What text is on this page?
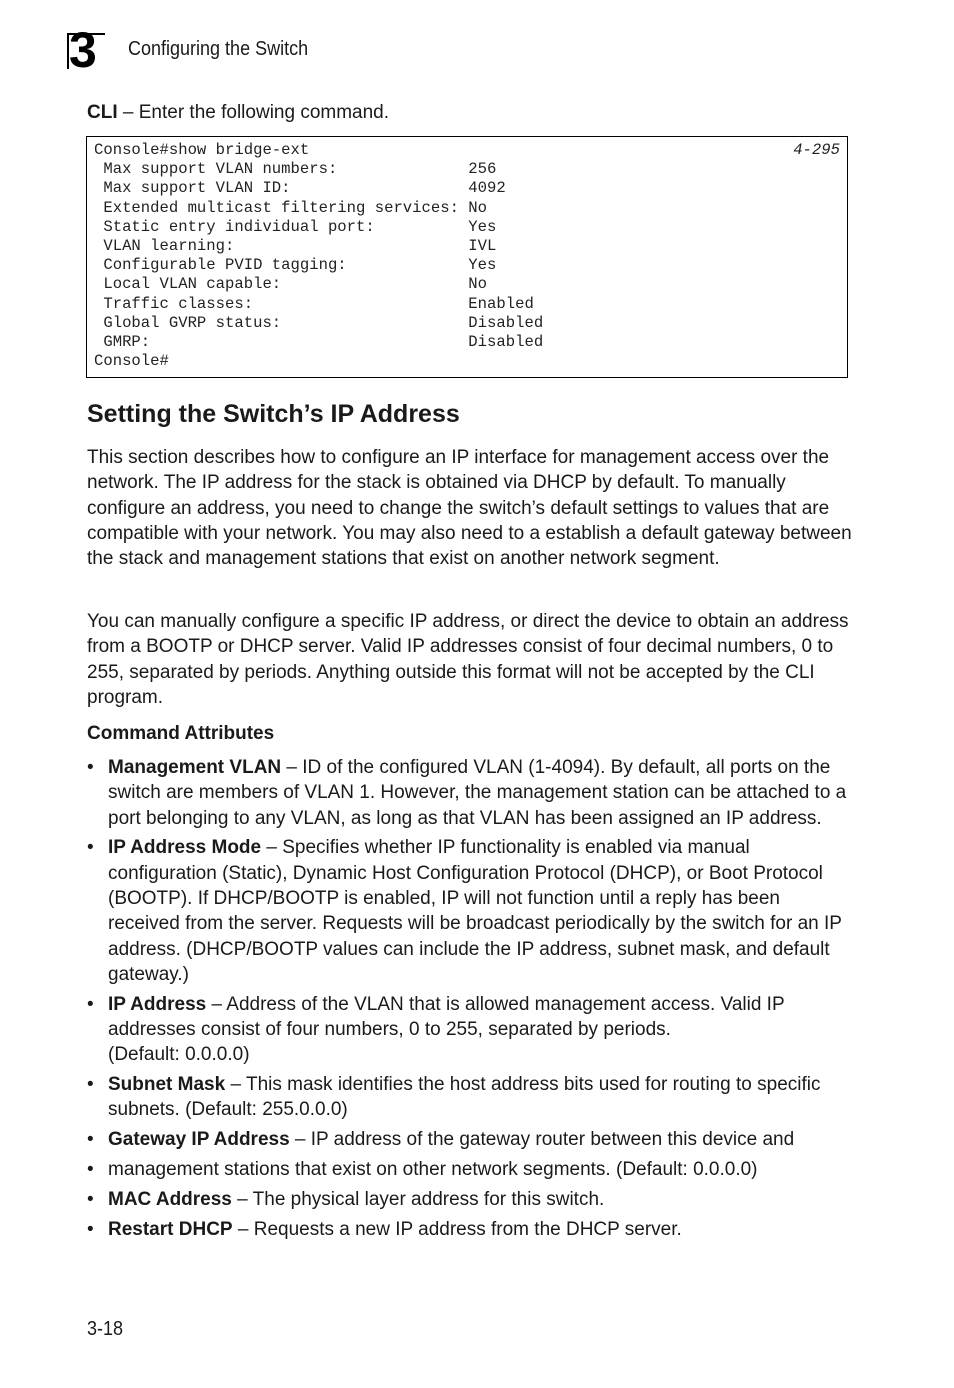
3 Configuring the Switch
CLI – Enter the following command.
Console#show bridge-ext	4-295
Max support VLAN numbers:              256
Max support VLAN ID:                   4092
Extended multicast filtering services: No
Static entry individual port:          Yes
VLAN learning:                         IVL
Configurable PVID tagging:             Yes
Local VLAN capable:                    No
Traffic classes:                       Enabled
Global GVRP status:                    Disabled
GMRP:                                  Disabled
Console#
Setting the Switch’s IP Address

This section describes how to configure an IP interface for management access over the network. The IP address for the stack is obtained via DHCP by default. To manually configure an address, you need to change the switch’s default settings to values that are compatible with your network. You may also need to a establish a default gateway between the stack and management stations that exist on another network segment.

You can manually configure a specific IP address, or direct the device to obtain an address from a BOOTP or DHCP server. Valid IP addresses consist of four decimal numbers, 0 to 255, separated by periods. Anything outside this format will not be accepted by the CLI program.

Command Attributes
• Management VLAN – ID of the configured VLAN (1-4094). By default, all ports on the switch are members of VLAN 1. However, the management station can be attached to a port belonging to any VLAN, as long as that VLAN has been assigned an IP address.
• IP Address Mode – Specifies whether IP functionality is enabled via manual configuration (Static), Dynamic Host Configuration Protocol (DHCP), or Boot Protocol (BOOTP). If DHCP/BOOTP is enabled, IP will not function until a reply has been received from the server. Requests will be broadcast periodically by the switch for an IP address. (DHCP/BOOTP values can include the IP address, subnet mask, and default gateway.)
• IP Address – Address of the VLAN that is allowed management access. Valid IP addresses consist of four numbers, 0 to 255, separated by periods.
(Default: 0.0.0.0)
• Subnet Mask – This mask identifies the host address bits used for routing to specific subnets. (Default: 255.0.0.0)
• Gateway IP Address – IP address of the gateway router between this device and
• management stations that exist on other network segments. (Default: 0.0.0.0)
• MAC Address – The physical layer address for this switch.
• Restart DHCP – Requests a new IP address from the DHCP server.
3-18
